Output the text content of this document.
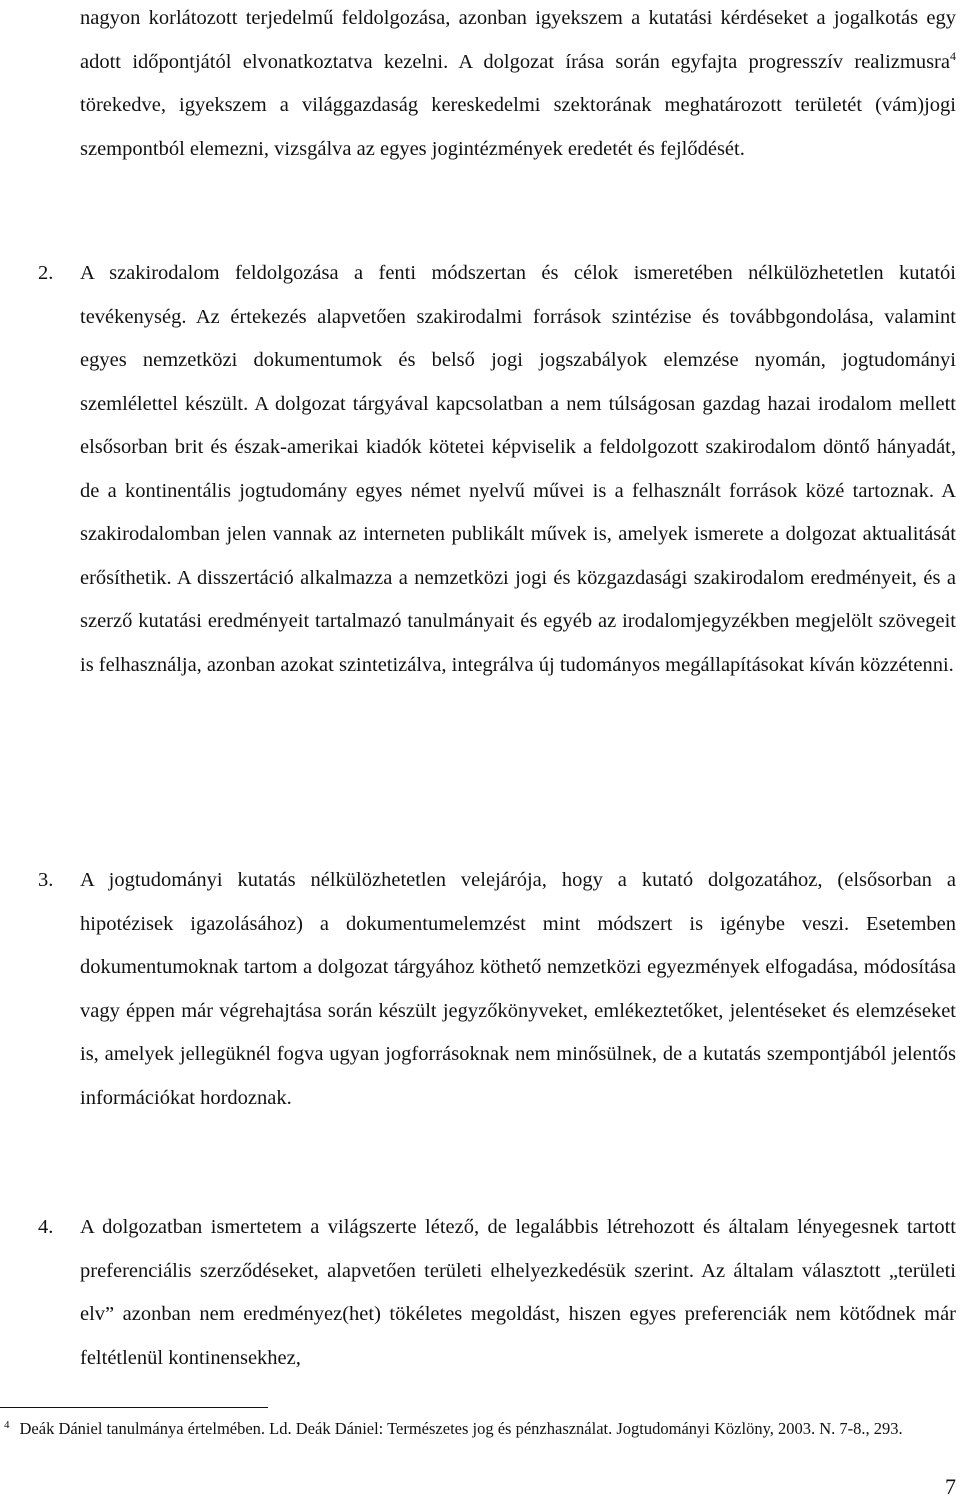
nagyon korlátozott terjedelmű feldolgozása, azonban igyekszem a kutatási kérdéseket a jogalkotás egy adott időpontjától elvonatkoztatva kezelni. A dolgozat írása során egyfajta progresszív realizmusra$^4$ törekedve, igyekszem a világgazdaság kereskedelmi szektorának meghatározott területét (vám)jogi szempontból elemezni, vizsgálva az egyes jogintézmények eredetét és fejlődését.

2. A szakirodalom feldolgozása a fenti módszertan és célok ismeretében nélkülözhetetlen kutatói tevékenység. Az értekezés alapvetően szakirodalmi források szintézise és továbbgondolása, valamint egyes nemzetközi dokumentumok és belső jogi jogszabályok elemzése nyomán, jogtudományi szemlélettel készült. A dolgozat tárgyával kapcsolatban a nem túlságosan gazdag hazai irodalom mellett elsősorban brit és észak-amerikai kiadók kötetei képviselik a feldolgozott szakirodalom döntő hányadát, de a kontinentális jogtudomány egyes német nyelvű művei is a felhasznált források közé tartoznak. A szakirodalomban jelen vannak az interneten publikált művek is, amelyek ismerete a dolgozat aktualitását erősíthetik. A disszertáció alkalmazza a nemzetközi jogi és közgazdasági szakirodalom eredményeit, és a szerző kutatási eredményeit tartalmazó tanulmányait és egyéb az irodalomjegyzékben megjelölt szövegeit is felhasználja, azonban azokat szintetizálva, integrálva új tudományos megállapításokat kíván közzétenni.

3. A jogtudományi kutatás nélkülözhetetlen velejárója, hogy a kutató dolgozatához, (elsősorban a hipotézisek igazolásához) a dokumentumelemzést mint módszert is igénybe veszi. Esetemben dokumentumoknak tartom a dolgozat tárgyához köthető nemzetközi egyezmények elfogadása, módosítása vagy éppen már végrehajtása során készült jegyzőkönyveket, emlékeztetőket, jelentéseket és elemzéseket is, amelyek jellegüknél fogva ugyan jogforrásoknak nem minősülnek, de a kutatás szempontjából jelentős információkat hordoznak.

4. A dolgozatban ismertetem a világszerte létező, de legalábbis létrehozott és általam lényegesnek tartott preferenciális szerződéseket, alapvetően területi elhelyezkedésük szerint. Az általam választott „területi elv” azonban nem eredményez(het) tökéletes megoldást, hiszen egyes preferenciák nem kötődnek már feltétlenül kontinensekhez,

$^4$ Deák Dániel tanulmánya értelmében. Ld. Deák Dániel: Természetes jog és pénzhasználat. Jogtudományi Közlöny, 2003. N. 7-8., 293.

7
